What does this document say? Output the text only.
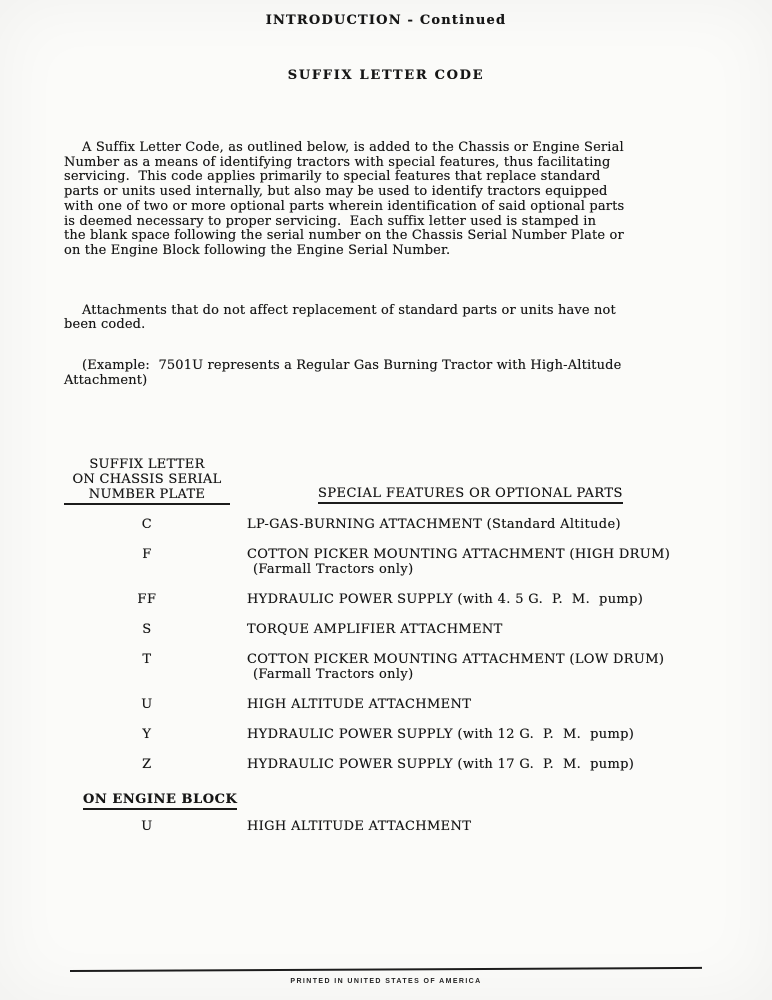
INTRODUCTION - Continued
SUFFIX LETTER CODE
A Suffix Letter Code, as outlined below, is added to the Chassis or Engine Serial
Number as a means of identifying tractors with special features, thus facilitating
servicing.  This code applies primarily to special features that replace standard
parts or units used internally, but also may be used to identify tractors equipped
with one of two or more optional parts wherein identification of said optional parts
is deemed necessary to proper servicing.  Each suffix letter used is stamped in
the blank space following the serial number on the Chassis Serial Number Plate or
on the Engine Block following the Engine Serial Number.
Attachments that do not affect replacement of standard parts or units have not
been coded.
(Example:  7501U represents a Regular Gas Burning Tractor with High-Altitude
Attachment)
SUFFIX LETTER
ON CHASSIS SERIAL
NUMBER PLATE	SPECIAL FEATURES OR OPTIONAL PARTS
C	LP-GAS-BURNING ATTACHMENT (Standard Altitude)
F	COTTON PICKER MOUNTING ATTACHMENT (HIGH DRUM)
(Farmall Tractors only)
FF	HYDRAULIC POWER SUPPLY (with 4. 5 G.  P.  M.  pump)
S	TORQUE AMPLIFIER ATTACHMENT
T	COTTON PICKER MOUNTING ATTACHMENT (LOW DRUM)
(Farmall Tractors only)
U	HIGH ALTITUDE ATTACHMENT
Y	HYDRAULIC POWER SUPPLY (with 12 G.  P.  M.  pump)
Z	HYDRAULIC POWER SUPPLY (with 17 G.  P.  M.  pump)
ON ENGINE BLOCK
U	HIGH ALTITUDE ATTACHMENT
PRINTED IN UNITED STATES OF AMERICA
